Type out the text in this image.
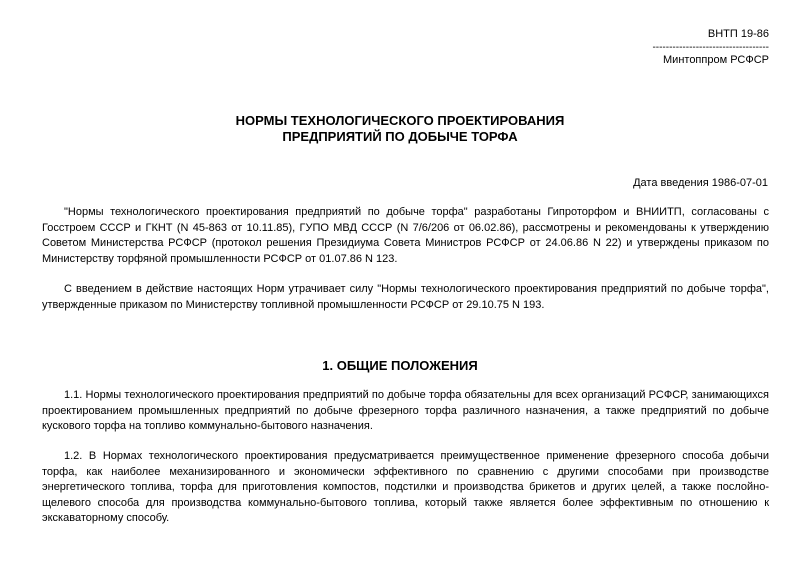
ВНТП 19-86
-----------------------------------
Минтоппром РСФСР
НОРМЫ ТЕХНОЛОГИЧЕСКОГО ПРОЕКТИРОВАНИЯ
ПРЕДПРИЯТИЙ ПО ДОБЫЧЕ ТОРФА
Дата введения 1986-07-01
"Нормы технологического проектирования предприятий по добыче торфа" разработаны Гипроторфом и ВНИИТП, согласованы с Госстроем СССР и ГКНТ (N 45-863 от 10.11.85), ГУПО МВД СССР (N 7/6/206 от 06.02.86), рассмотрены и рекомендованы к утверждению Советом Министерства РСФСР (протокол решения Президиума Совета Министров РСФСР от 24.06.86 N 22) и утверждены приказом по Министерству торфяной промышленности РСФСР от 01.07.86 N 123.
С введением в действие настоящих Норм утрачивает силу "Нормы технологического проектирования предприятий по добыче торфа", утвержденные приказом по Министерству топливной промышленности РСФСР от 29.10.75 N 193.
1. ОБЩИЕ ПОЛОЖЕНИЯ
1.1. Нормы технологического проектирования предприятий по добыче торфа обязательны для всех организаций РСФСР, занимающихся проектированием промышленных предприятий по добыче фрезерного торфа различного назначения, а также предприятий по добыче кускового торфа на топливо коммунально-бытового назначения.
1.2. В Нормах технологического проектирования предусматривается преимущественное применение фрезерного способа добычи торфа, как наиболее механизированного и экономически эффективного по сравнению с другими способами при производстве энергетического топлива, торфа для приготовления компостов, подстилки и производства брикетов и других целей, а также послойно-щелевого способа для производства коммунально-бытового топлива, который также является более эффективным по отношению к экскаваторному способу.
